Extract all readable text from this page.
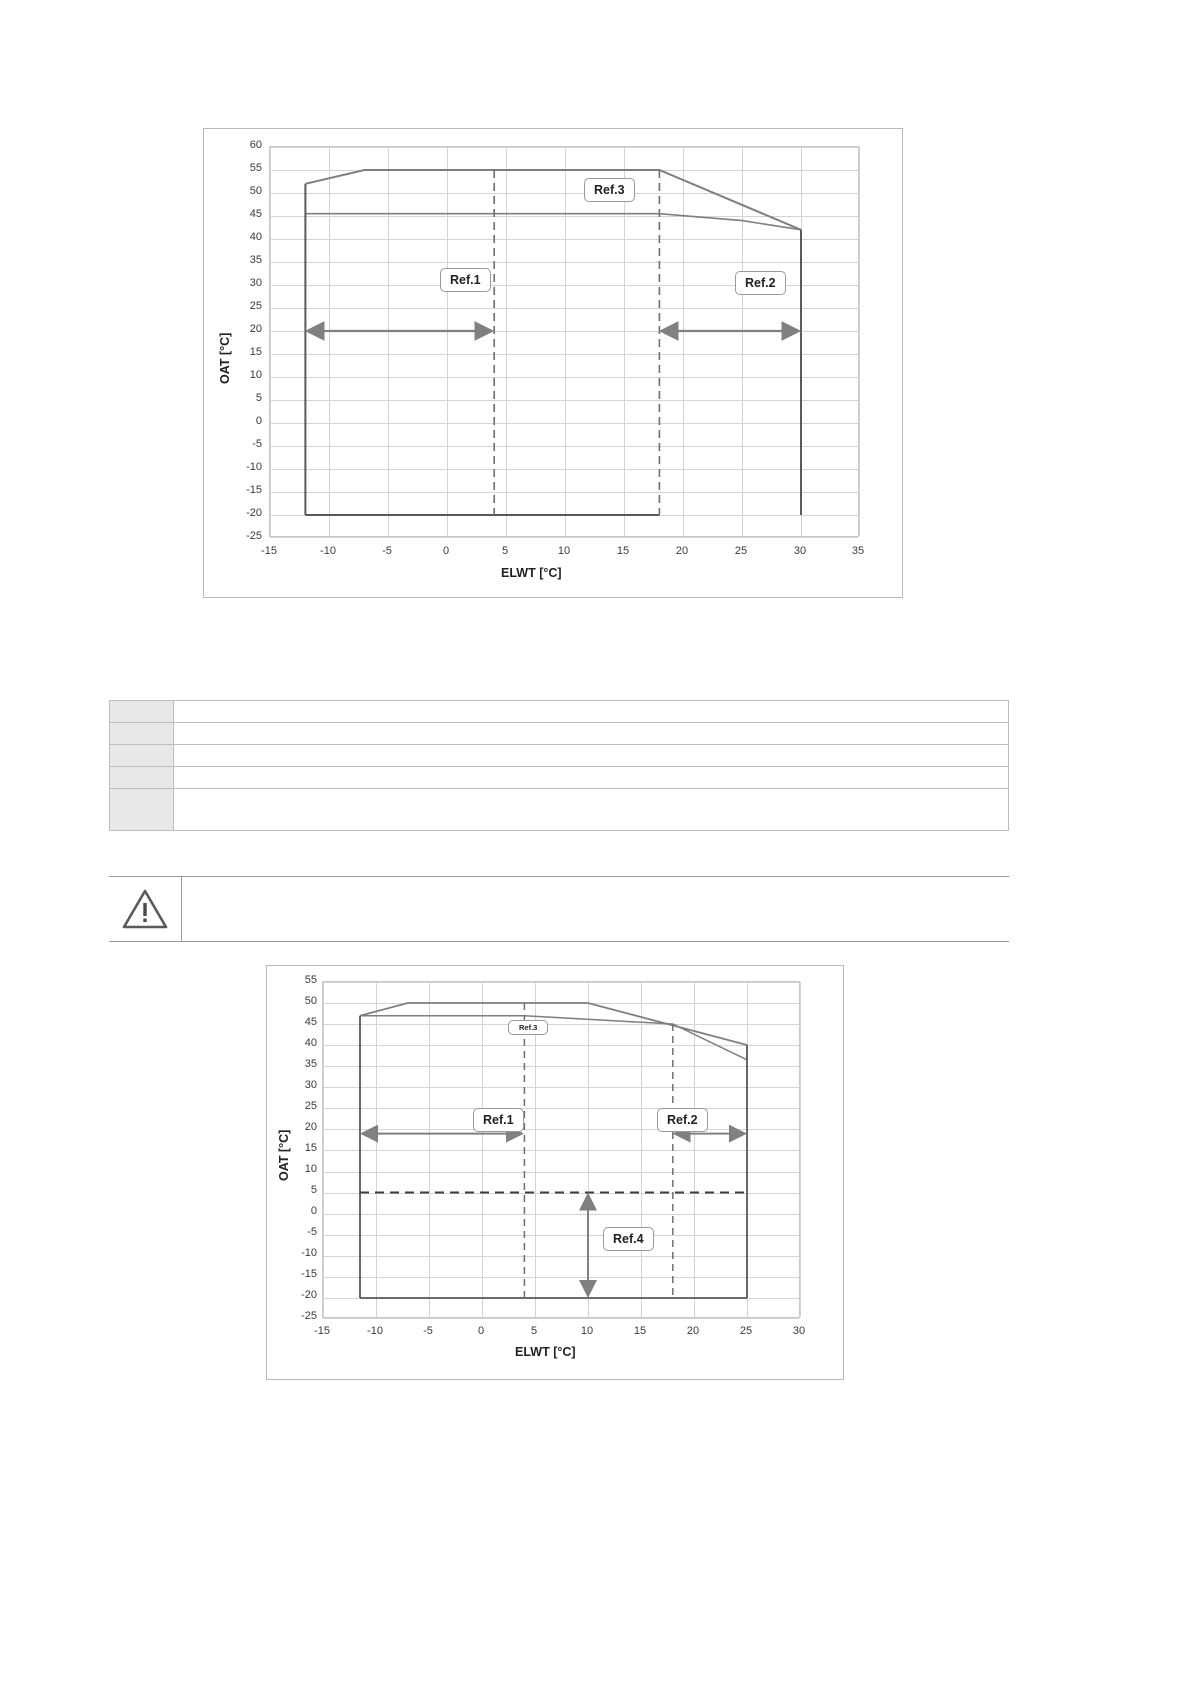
Ref.3
Ref.1	Ref.2
60
55
50
45
40
35
30
25
20
15
10
5
0
-5
-10
-15
-20
-25
-15	-10	-5	0	5	10	15	20	25	30	35
OAT [°C]
ELWT [°C]

Ref.3
Ref.1	Ref.2
Ref.4
55
50
45
40
35
30
25
20
15
10
5
0
-5
-10
-15
-20
-25
-15	-10	-5	0	5	10	15	20	25	30
OAT [°C]
ELWT [°C]
